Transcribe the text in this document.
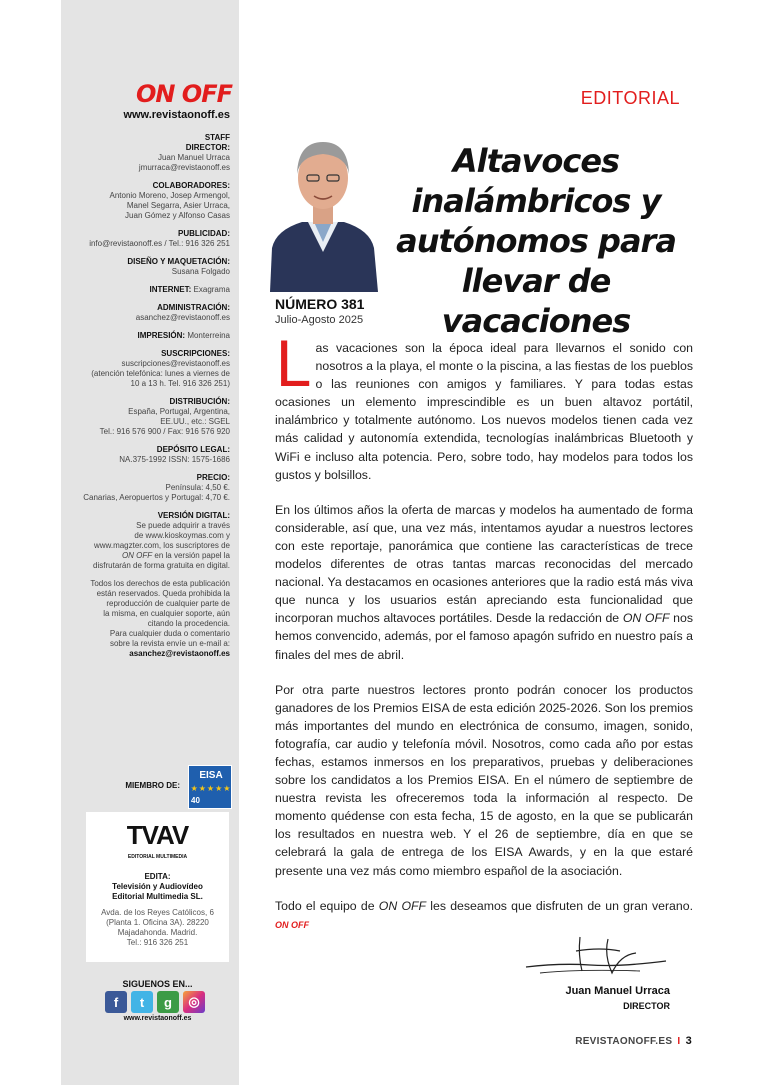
ON OFF
www.revistaonoff.es
STAFF
DIRECTOR:
Juan Manuel Urraca
jmurraca@revistaonoff.es
COLABORADORES:
Antonio Moreno, Josep Armengol,
Manel Segarra, Asier Urraca,
Juan Gómez y Alfonso Casas
PUBLICIDAD:
info@revistaonoff.es / Tel.: 916 326 251
DISEÑO Y MAQUETACIÓN:
Susana Folgado
INTERNET: Exagrama
ADMINISTRACIÓN:
asanchez@revistaonoff.es
IMPRESIÓN: Monterreina
SUSCRIPCIONES:
suscripciones@revistaonoff.es
(atención telefónica: lunes a viernes de
10 a 13 h. Tel. 916 326 251)
DISTRIBUCIÓN:
España, Portugal, Argentina,
EE.UU., etc.: SGEL
Tel.: 916 576 900 / Fax: 916 576 920
DEPÓSITO LEGAL:
NA.375-1992 ISSN: 1575-1686
PRECIO:
Península: 4,50 €.
Canarias, Aeropuertos y Portugal: 4,70 €.
VERSIÓN DIGITAL:
Se puede adquirir a través
de www.kioskoymas.com y
www.magzter.com, los suscriptores de
ON OFF en la versión papel la
disfrutarán de forma gratuita en digital.
Todos los derechos de esta publicación
están reservados. Queda prohibida la
reproducción de cualquier parte de
la misma, en cualquier soporte, aún
citando la procedencia.
Para cualquier duda o comentario
sobre la revista envíe un e-mail a:
asanchez@revistaonoff.es
MIEMBRO DE:
EISA
★★★★★
40
TVAV
EDITORIAL MULTIMEDIA
EDITA:
Televisión y Audiovídeo
Editorial Multimedia SL.
Avda. de los Reyes Católicos, 6
(Planta 1. Oficina 3A). 28220
Majadahonda. Madrid.
Tel.: 916 326 251
SIGUENOS EN...
f	t	g	◎
www.revistaonoff.es
EDITORIAL
Altavoces
inalámbricos y
autónomos para
llevar de vacaciones
NÚMERO 381
Julio-Agosto 2025

Las vacaciones son la época ideal para llevarnos el sonido con nosotros a la playa, el monte o la piscina, a las fiestas de los pueblos o las reuniones con amigos y familiares. Y para todas estas ocasiones un elemento imprescindible es un buen altavoz portátil, inalámbrico y totalmente autónomo. Los nuevos modelos tienen cada vez más calidad y autonomía extendida, tecnologías inalámbricas Bluetooth y WiFi e incluso alta potencia. Pero, sobre todo, hay modelos para todos los gustos y bolsillos.

En los últimos años la oferta de marcas y modelos ha aumentado de forma considerable, así que, una vez más, intentamos ayudar a nuestros lectores con este reportaje, panorámica que contiene las características de trece modelos diferentes de otras tantas marcas reconocidas del mercado nacional. Ya destacamos en ocasiones anteriores que la radio está más viva que nunca y los usuarios están apreciando esta funcionalidad que incorporan muchos altavoces portátiles. Desde la redacción de ON OFF nos hemos convencido, además, por el famoso apagón sufrido en nuestro país a finales del mes de abril.

Por otra parte nuestros lectores pronto podrán conocer los productos ganadores de los Premios EISA de esta edición 2025-2026. Son los premios más importantes del mundo en electrónica de consumo, imagen, sonido, fotografía, car audio y telefonía móvil. Nosotros, como cada año por estas fechas, estamos inmersos en los preparativos, pruebas y deliberaciones sobre los candidatos a los Premios EISA. En el número de septiembre de nuestra revista les ofreceremos toda la información al respecto. De momento quédense con esta fecha, 15 de agosto, en la que se publicarán los resultados en nuestra web. Y el 26 de septiembre, día en que se celebrará la gala de entrega de los EISA Awards, y en la que estaré presente una vez más como miembro español de la asociación.

Todo el equipo de ON OFF les deseamos que disfruten de un gran verano. ON OFF

Juan Manuel Urraca
DIRECTOR
REVISTAONOFF.ES I 3
